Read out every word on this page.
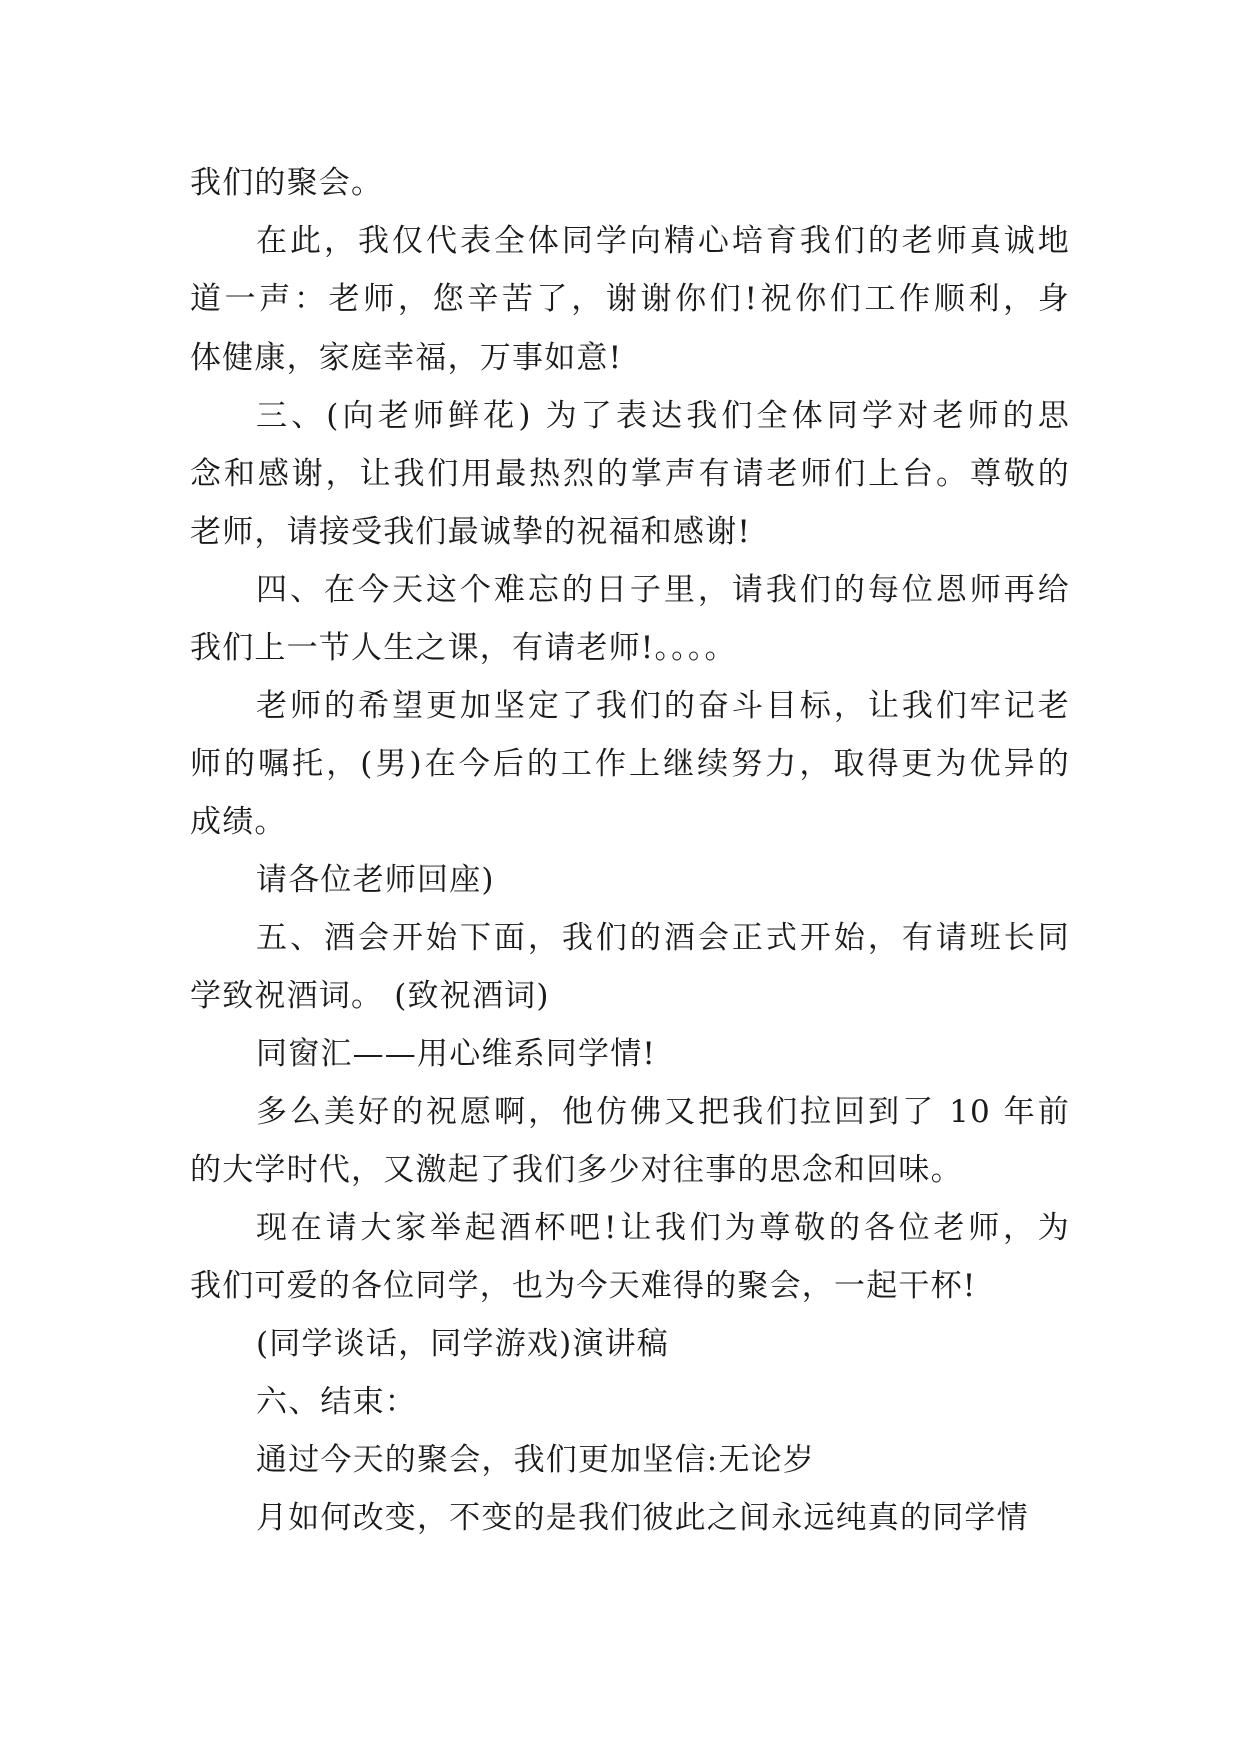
我们的聚会。
在此，我仅代表全体同学向精心培育我们的老师真诚地
道一声：老师，您辛苦了，谢谢你们!祝你们工作顺利，身
体健康，家庭幸福，万事如意!
三、(向老师鲜花) 为了表达我们全体同学对老师的思
念和感谢，让我们用最热烈的掌声有请老师们上台。尊敬的
老师，请接受我们最诚挚的祝福和感谢!
四、在今天这个难忘的日子里，请我们的每位恩师再给
我们上一节人生之课，有请老师!。。。。
老师的希望更加坚定了我们的奋斗目标，让我们牢记老
师的嘱托，(男)在今后的工作上继续努力，取得更为优异的
成绩。
请各位老师回座)
五、酒会开始下面，我们的酒会正式开始，有请班长同
学致祝酒词。 (致祝酒词)
同窗汇——用心维系同学情!
多么美好的祝愿啊，他仿佛又把我们拉回到了 10 年前
的大学时代，又激起了我们多少对往事的思念和回味。
现在请大家举起酒杯吧!让我们为尊敬的各位老师，为
我们可爱的各位同学，也为今天难得的聚会，一起干杯!
(同学谈话，同学游戏)演讲稿
六、结束：
通过今天的聚会，我们更加坚信:无论岁
月如何改变，不变的是我们彼此之间永远纯真的同学情
